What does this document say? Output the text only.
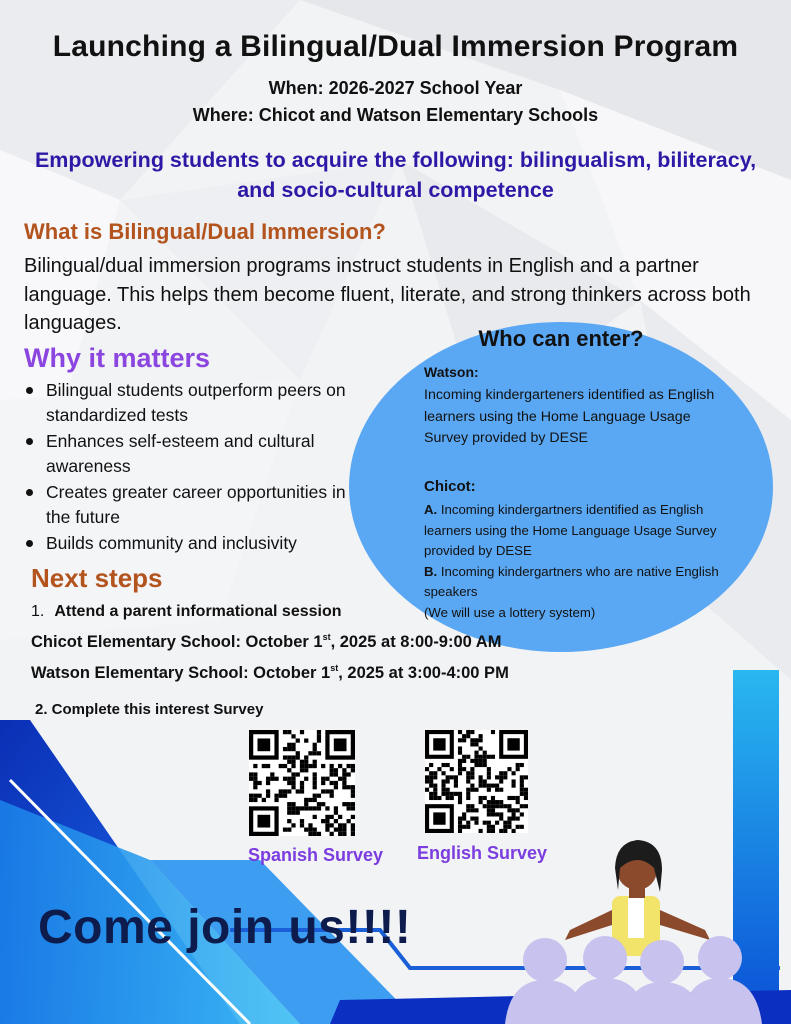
Launching a Bilingual/Dual Immersion Program
When: 2026-2027 School Year
Where: Chicot and Watson Elementary Schools
Empowering students to acquire the following: bilingualism, biliteracy, and socio-cultural competence
What is Bilingual/Dual Immersion?
Bilingual/dual immersion programs instruct students in English and a partner language. This helps them become fluent, literate, and strong thinkers across both languages.
Why it matters
Bilingual students outperform peers on standardized tests
Enhances self-esteem and cultural awareness
Creates greater career opportunities in the future
Builds community and inclusivity
Who can enter?
Watson:
Incoming kindergarteners identified as English learners using the Home Language Usage Survey provided by DESE
Chicot:
A. Incoming kindergartners identified as English learners using the Home Language Usage Survey provided by DESE
B. Incoming kindergartners who are native English speakers
(We will use a lottery system)
Next steps
1. Attend a parent informational session
Chicot Elementary School: October 1st, 2025 at 8:00-9:00 AM
Watson Elementary School: October 1st, 2025 at 3:00-4:00 PM
2. Complete this interest Survey
Spanish Survey English Survey
Come join us!!!!
